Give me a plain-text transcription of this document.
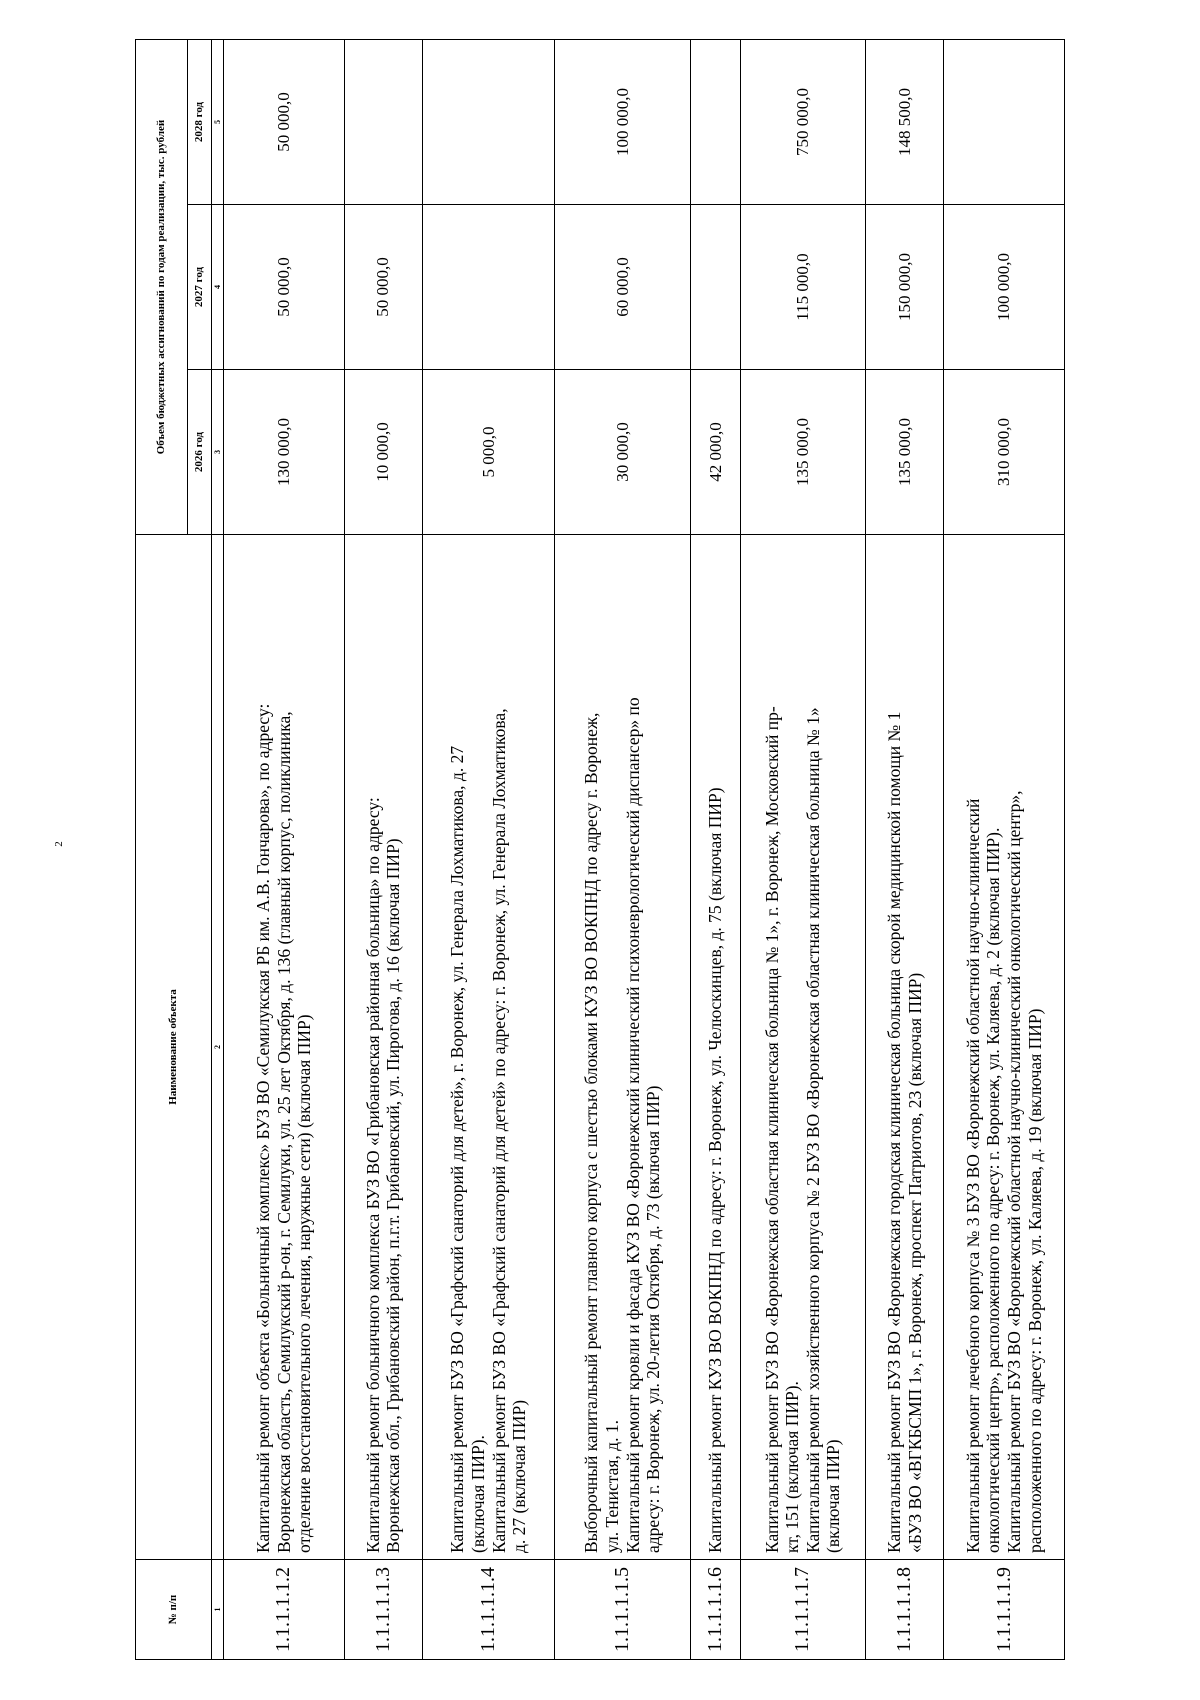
2
№ п/п	Наименование объекта	Объем бюджетных ассигнований по годам реализации, тыс. рублей		
		2026 год	2027 год	2028 год
1	2	3	4	5
1.1.1.1.1.2	Капитальный ремонт объекта «Больничный комплекс» БУЗ ВО «Семилукская РБ им. А.В. Гончарова», по адресу:
Воронежская область, Семилукский р-он, г. Семилуки, ул. 25 лет Октября, д. 136 (главный корпус, поликлиника,
отделение восстановительного лечения, наружные сети) (включая ПИР)	130 000,0	50 000,0	50 000,0
1.1.1.1.1.3	Капитальный ремонт больничного комплекса БУЗ ВО «Грибановская районная больница» по адресу:
Воронежская обл., Грибановский район, п.г.т. Грибановский, ул. Пирогова, д. 16 (включая ПИР)	10 000,0	50 000,0	
1.1.1.1.1.4	Капитальный ремонт БУЗ ВО «Графский санаторий для детей», г. Воронеж, ул. Генерала Лохматикова, д. 27
(включая ПИР).
Капитальный ремонт БУЗ ВО «Графский санаторий для детей» по адресу: г. Воронеж, ул. Генерала Лохматикова,
д. 27 (включая ПИР)	5 000,0		
1.1.1.1.1.5	Выборочный капитальный ремонт главного корпуса с шестью блоками КУЗ ВО ВОКПНД по адресу г. Воронеж,
ул. Тенистая, д. 1.
Капитальный ремонт кровли и фасада КУЗ ВО «Воронежский клинический психоневрологический диспансер» по
адресу: г. Воронеж, ул. 20-летия Октября, д. 73 (включая ПИР)	30 000,0	60 000,0	100 000,0
1.1.1.1.1.6	Капитальный ремонт КУЗ ВО ВОКПНД по адресу: г. Воронеж, ул. Челюскинцев, д. 75 (включая ПИР)	42 000,0		
1.1.1.1.1.7	Капитальный ремонт БУЗ ВО «Воронежская областная клиническая больница № 1», г. Воронеж, Московский пр-
кт, 151 (включая ПИР).
Капитальный ремонт хозяйственного корпуса № 2 БУЗ ВО «Воронежская областная клиническая больница № 1»
(включая ПИР)	135 000,0	115 000,0	750 000,0
1.1.1.1.1.8	Капитальный ремонт БУЗ ВО «Воронежская городская клиническая больница скорой медицинской помощи № 1
«БУЗ ВО «ВГКБСМП 1», г. Воронеж, проспект Патриотов, 23 (включая ПИР)	135 000,0	150 000,0	148 500,0
1.1.1.1.1.9	Капитальный ремонт лечебного корпуса № 3 БУЗ ВО «Воронежский областной научно-клинический
онкологический центр», расположенного по адресу: г. Воронеж, ул. Каляева, д. 2 (включая ПИР).
Капитальный ремонт БУЗ ВО «Воронежский областной научно-клинический онкологический центр»,
расположенного по адресу: г. Воронеж, ул. Каляева, д. 19 (включая ПИР)	310 000,0	100 000,0	
